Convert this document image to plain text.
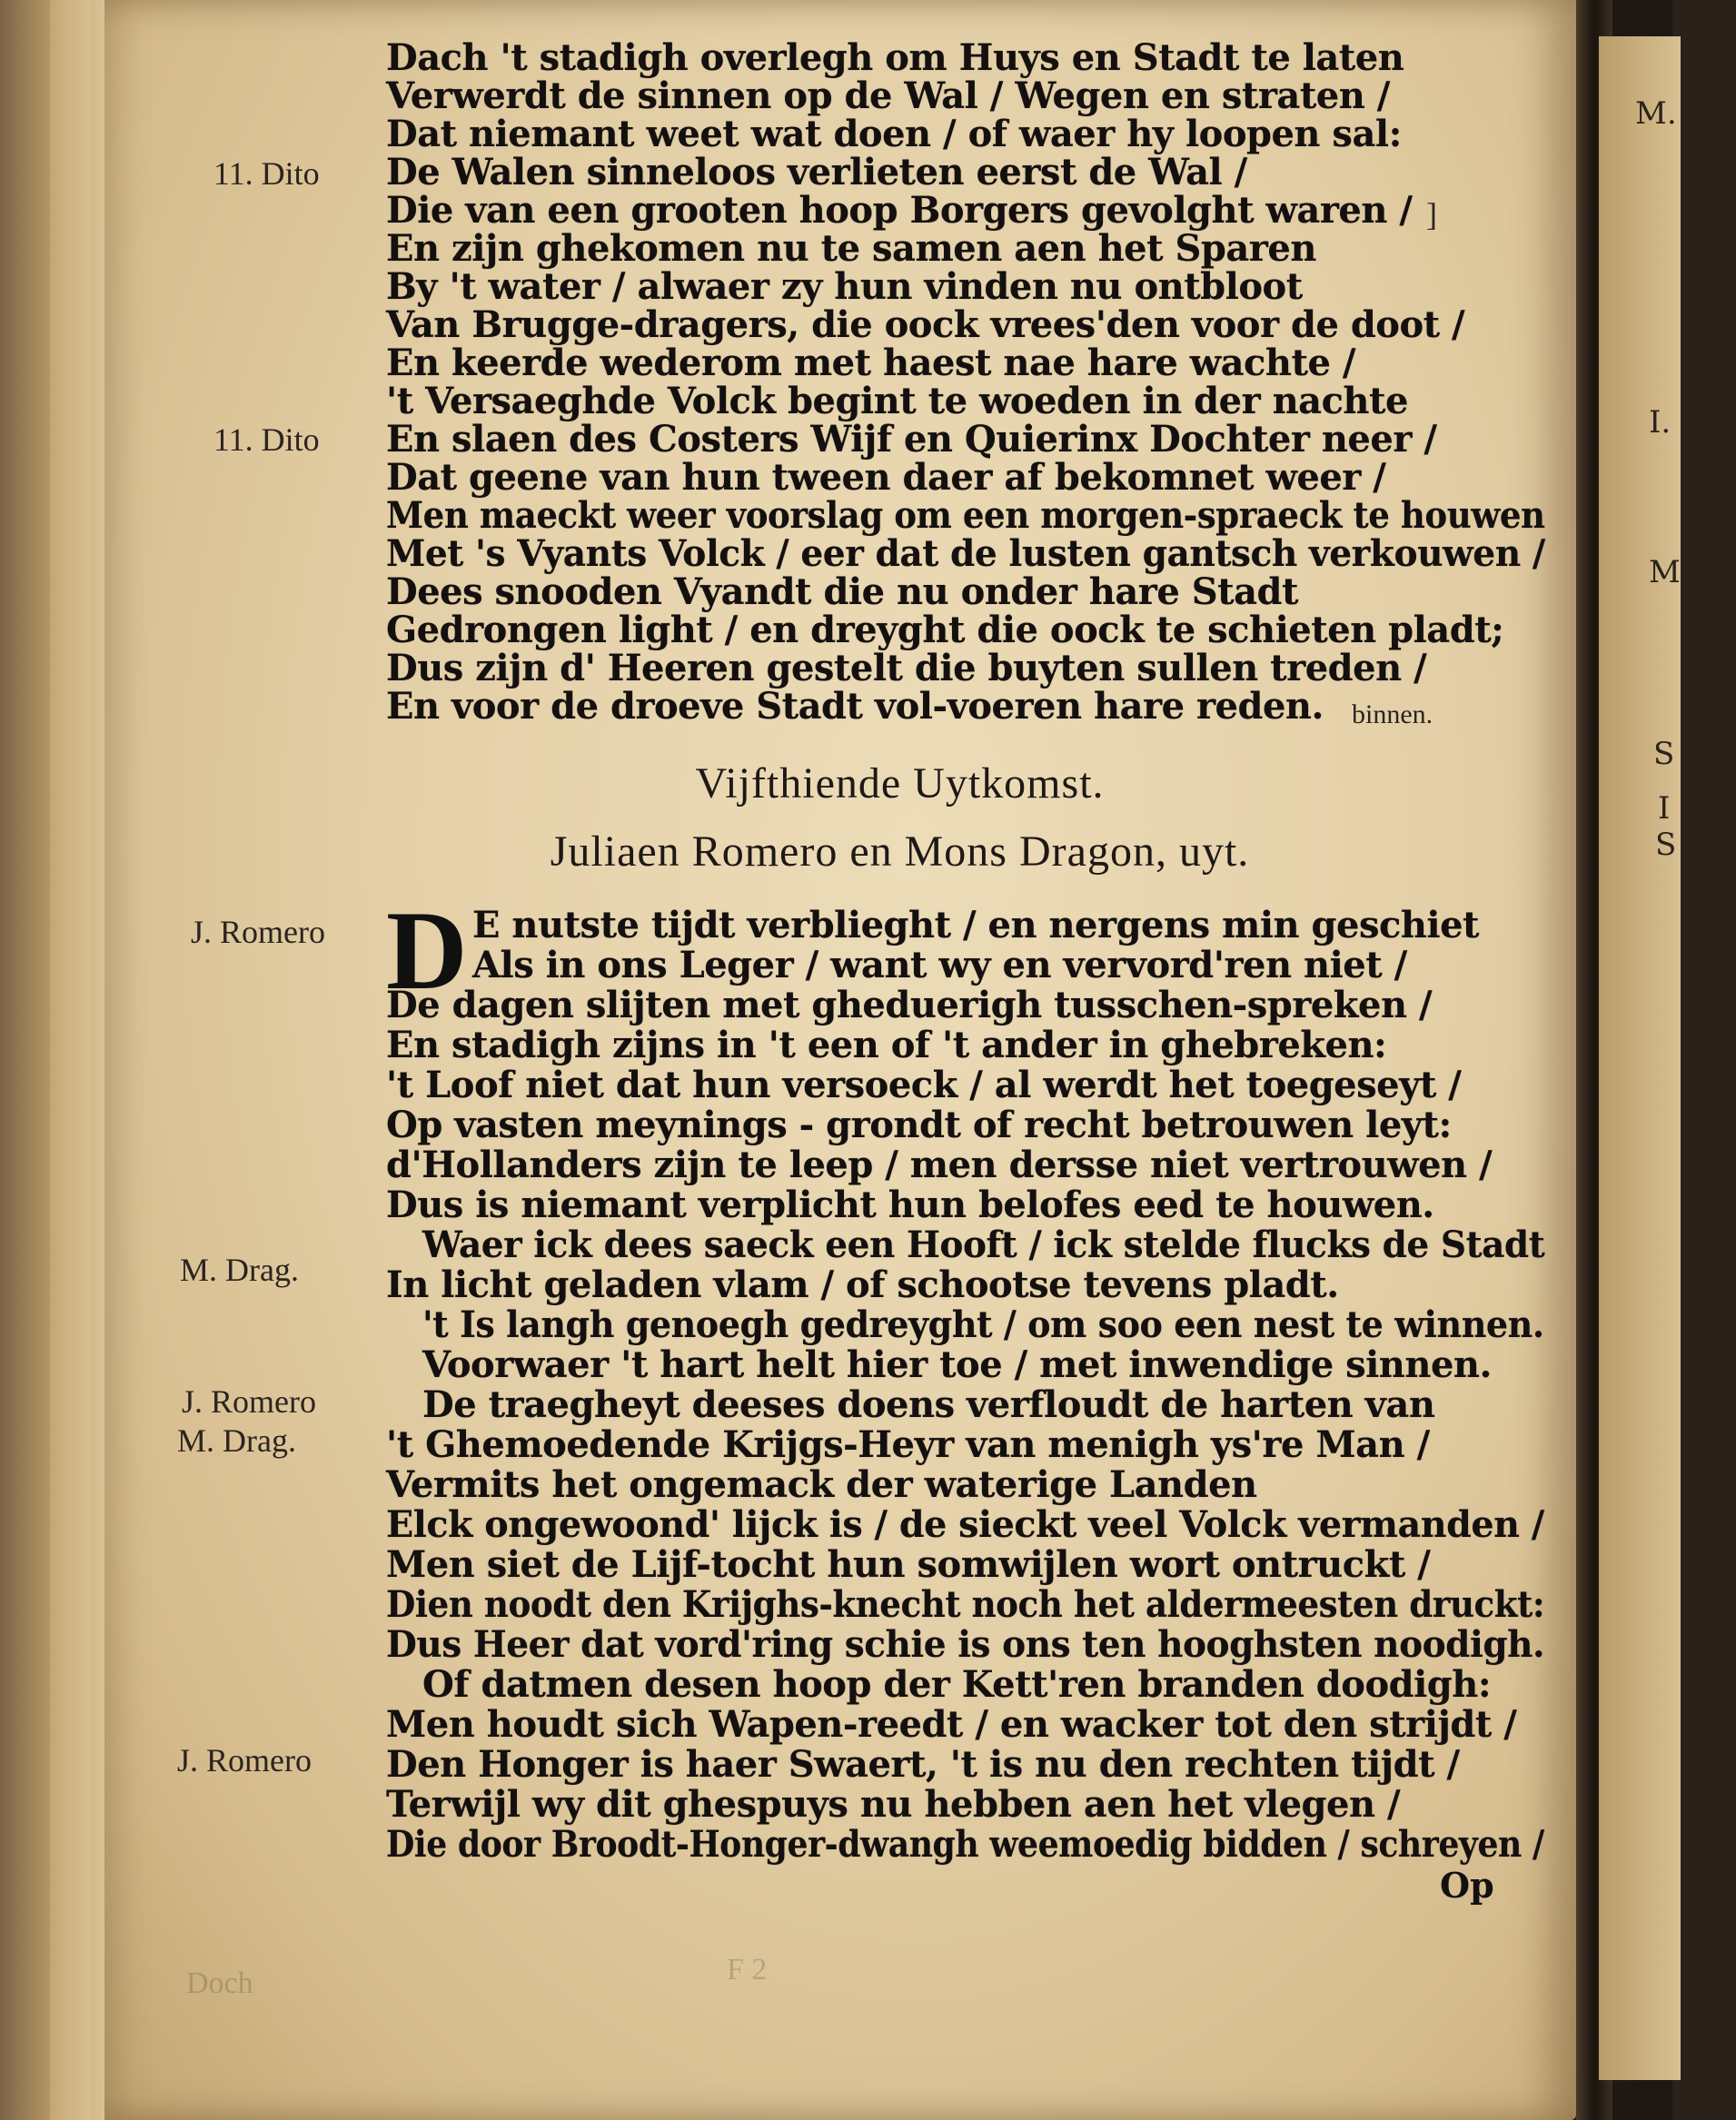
M.
I.
M
S
I
S
Dach 't stadigh overlegh om Huys en Stadt te laten
Verwerdt de sinnen op de Wal / Wegen en straten /
Dat niemant weet wat doen / of waer hy loopen sal:
De Walen sinneloos verlieten eerst de Wal /
Die van een grooten hoop Borgers gevolght waren /
En zijn ghekomen nu te samen aen het Sparen
By 't water / alwaer zy hun vinden nu ontbloot
Van Brugge-dragers, die oock vrees'den voor de doot /
En keerde wederom met haest nae hare wachte /
't Versaeghde Volck begint te woeden in der nachte
En slaen des Costers Wijf en Quierinx Dochter neer /
Dat geene van hun tween daer af bekomnet weer /
Men maeckt weer voorslag om een morgen-spraeck te houwen
Met 's Vyants Volck / eer dat de lusten gantsch verkouwen /
Dees snooden Vyandt die nu onder hare Stadt
Gedrongen light / en dreyght die oock te schieten pladt;
Dus zijn d' Heeren gestelt die buyten sullen treden /
En voor de droeve Stadt vol-voeren hare reden.
11. Dito
11. Dito
binnen.
]
Vijfthiende Uytkomst.
Juliaen Romero en Mons Dragon, uyt.
D E nutste tijdt verblieght / en nergens min geschiet
Als in ons Leger / want wy en vervord'ren niet /
De dagen slijten met gheduerigh tusschen-spreken /
En stadigh zijns in 't een of 't ander in ghebreken:
't Loof niet dat hun versoeck / al werdt het toegeseyt /
Op vasten meynings - grondt of recht betrouwen leyt:
d'Hollanders zijn te leep / men dersse niet vertrouwen /
Dus is niemant verplicht hun belofes eed te houwen.
Waer ick dees saeck een Hooft / ick stelde flucks de Stadt
In licht geladen vlam / of schootse tevens pladt.
't Is langh genoegh gedreyght / om soo een nest te winnen.
Voorwaer 't hart helt hier toe / met inwendige sinnen.
De traegheyt deeses doens verfloudt de harten van
't Ghemoedende Krijgs-Heyr van menigh ys're Man /
Vermits het ongemack der waterige Landen
Elck ongewoond' lijck is / de sieckt veel Volck vermanden /
Men siet de Lijf-tocht hun somwijlen wort ontruckt /
Dien noodt den Krijghs-knecht noch het aldermeesten druckt:
Dus Heer dat vord'ring schie is ons ten hooghsten noodigh.
Of datmen desen hoop der Kett'ren branden doodigh:
Men houdt sich Wapen-reedt / en wacker tot den strijdt /
Den Honger is haer Swaert, 't is nu den rechten tijdt /
Terwijl wy dit ghespuys nu hebben aen het vlegen /
Die door Broodt-Honger-dwangh weemoedig bidden / schreyen /
Op
J. Romero
M. Drag.
J. Romero
M. Drag.
J. Romero
Doch	F 2
